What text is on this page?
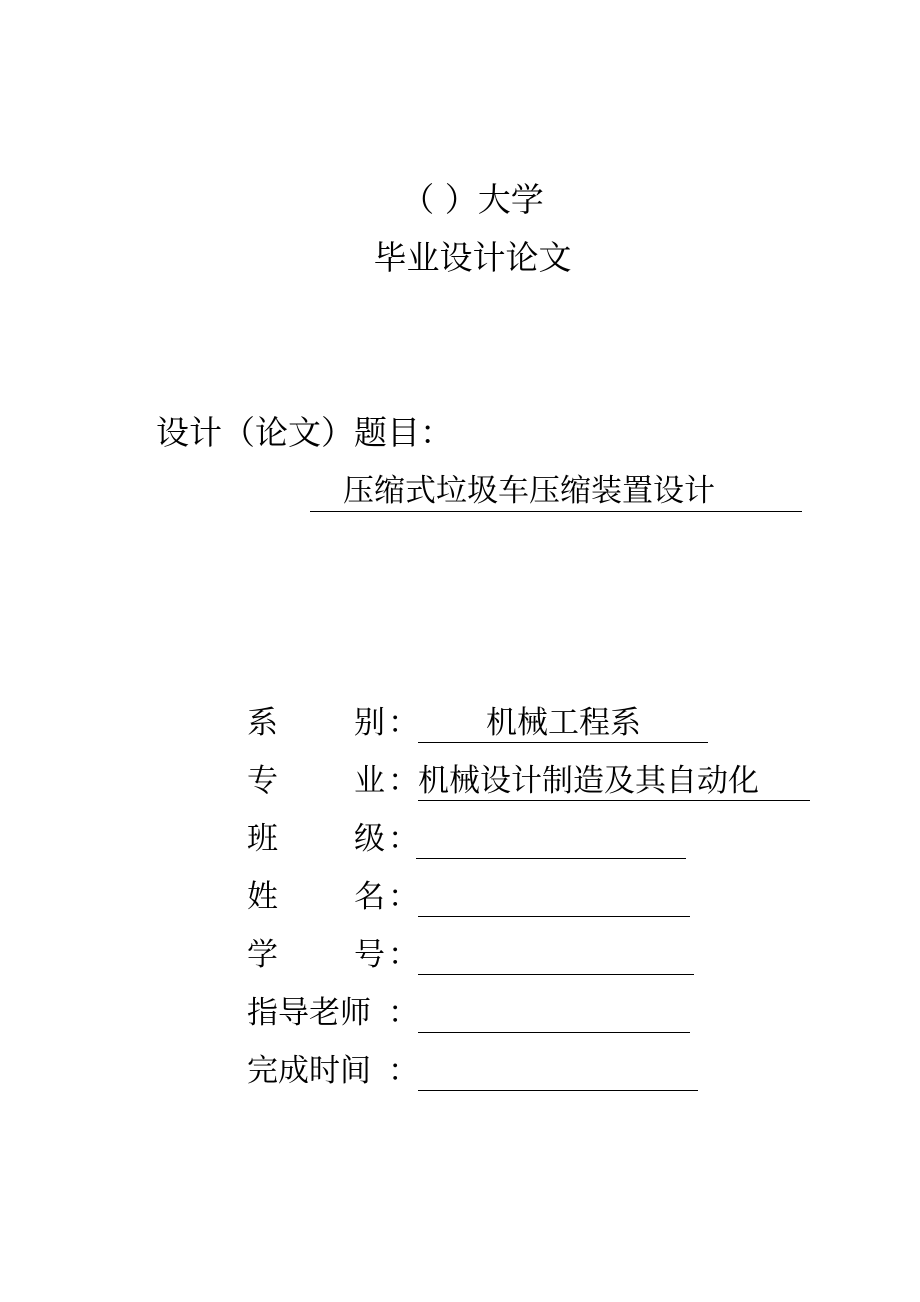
（ ）大学
毕业设计论文
设计（论文）题目：
压缩式垃圾车压缩装置设计
系 别 ： 机械工程系
专 业 ： 机械设计制造及其自动化
班 级 ：
姓 名 ：
学 号 ：
指导老师 ：
完成时间 ：
